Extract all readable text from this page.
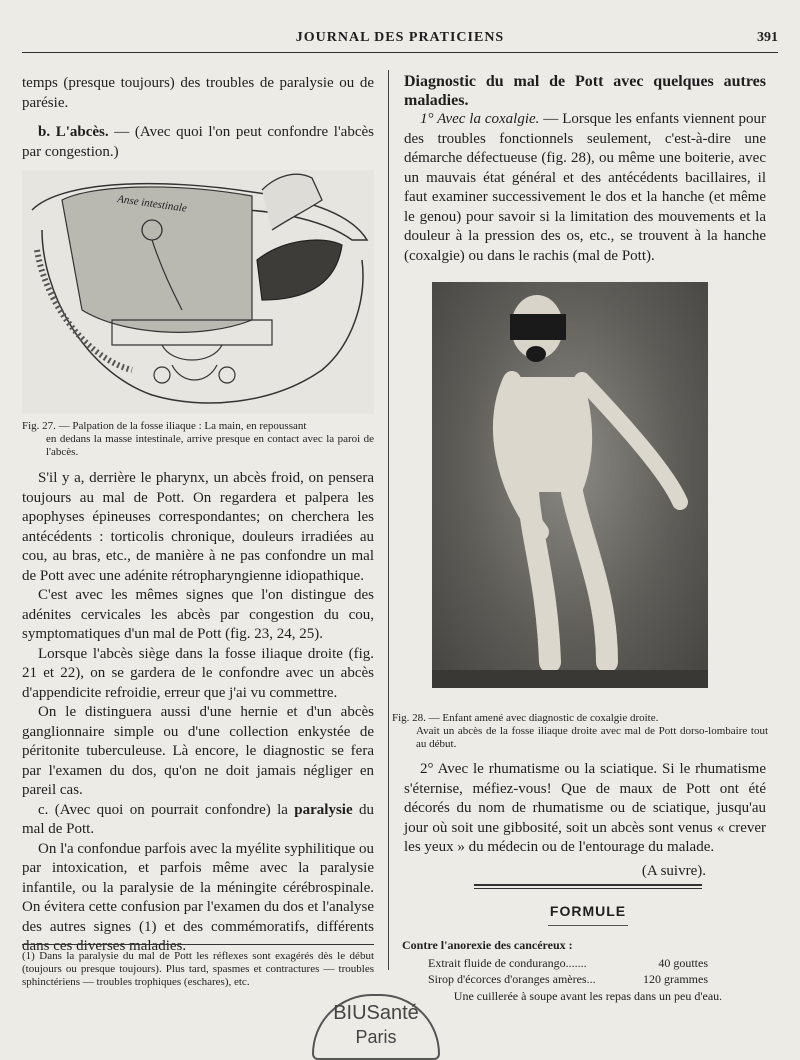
JOURNAL DES PRATICIENS	391

temps (presque toujours) des troubles de paralysie ou de parésie.

b. L'abcès. — (Avec quoi l'on peut confondre l'abcès par congestion.)

Anse intestinale
Fig. 27. — Palpation de la fosse iliaque : La main, en repoussant
en dedans la masse intestinale, arrive presque en contact avec la paroi de l'abcès.

S'il y a, derrière le pharynx, un abcès froid, on pensera toujours au mal de Pott. On regardera et palpera les apophyses épineuses correspondantes; on cherchera les antécédents : torticolis chronique, douleurs irradiées au cou, au bras, etc., de manière à ne pas confondre un mal de Pott avec une adénite rétropharyngienne idiopathique.

C'est avec les mêmes signes que l'on distingue des adénites cervicales les abcès par congestion du cou, symptomatiques d'un mal de Pott (fig. 23, 24, 25).

Lorsque l'abcès siège dans la fosse iliaque droite (fig. 21 et 22), on se gardera de le confondre avec un abcès d'appendicite refroidie, erreur que j'ai vu commettre.

On le distinguera aussi d'une hernie et d'un abcès ganglionnaire simple ou d'une collection enkystée de péritonite tuberculeuse. Là encore, le diagnostic se fera par l'examen du dos, qu'on ne doit jamais négliger en pareil cas.

c. (Avec quoi on pourrait confondre) la paralysie du mal de Pott.

On l'a confondue parfois avec la myélite syphilitique ou par intoxication, et parfois même avec la paralysie infantile, ou la paralysie de la méningite cérébrospinale. On évitera cette confusion par l'examen du dos et l'analyse des autres signes (1) et des commémoratifs, différents dans ces diverses maladies.

(1) Dans la paralysie du mal de Pott les réflexes sont exagérés dès le début (toujours ou presque toujours). Plus tard, spasmes et contractures — troubles sphinctériens — troubles trophiques (eschares), etc.

Diagnostic du mal de Pott avec quelques autres maladies.

1° Avec la coxalgie. — Lorsque les enfants viennent pour des troubles fonctionnels seulement, c'est-à-dire une démarche défectueuse (fig. 28), ou même une boiterie, avec un mauvais état général et des antécédents bacillaires, il faut examiner successivement le dos et la hanche (et même le genou) pour savoir si la limitation des mouvements et la douleur à la pression des os, etc., se trouvent à la hanche (coxalgie) ou dans le rachis (mal de Pott).

Fig. 28. — Enfant amené avec diagnostic de coxalgie droite.
Avait un abcès de la fosse iliaque droite avec mal de Pott dorso-lombaire tout au début.

2° Avec le rhumatisme ou la sciatique. Si le rhumatisme s'éternise, méfiez-vous! Que de maux de Pott ont été décorés du nom de rhumatisme ou de sciatique, jusqu'au jour où soit une gibbosité, soit un abcès sont venus « crever les yeux » du médecin ou de l'entourage du malade.

(A suivre).

FORMULE
Contre l'anorexie des cancéreux :
Extrait fluide de condurango.......	40 gouttes
Sirop d'écorces d'oranges amères...	120 grammes
Une cuillerée à soupe avant les repas dans un peu d'eau.
BIUSanté
Paris
